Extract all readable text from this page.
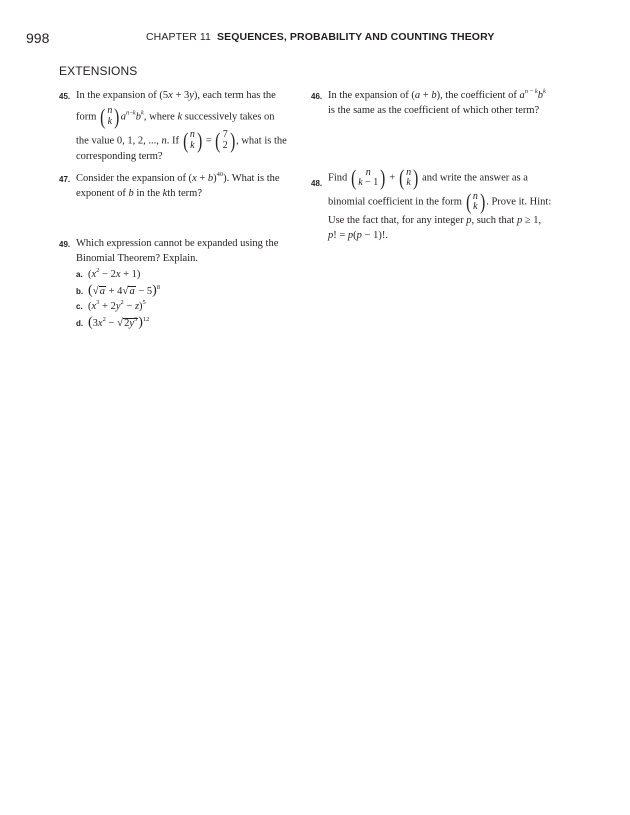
998	CHAPTER 11 SEQUENCES, PROBABILITY AND COUNTING THEORY
EXTENSIONS
45. In the expansion of (5x + 3y), each term has the
form ( n
k ) $a^{n-k}b^k$, where k successively takes on
the value 0, 1, 2, ..., n. If ( n
k ) = ( 7
2 ) , what is the
corresponding term?
46. In the expansion of (a + b), the coefficient of $a^{n - k}b^k$
is the same as the coefficient of which other term?
47. Consider the expansion of $(x + b)^{40}$). What is the
exponent of b in the kth term?
48.
Find ( n
k − 1 ) + ( n
k ) and write the answer as a
binomial coefficient in the form ( n
k ) . Prove it. Hint:
Use the fact that, for any integer p, such that p ≥ 1,
p! = p(p − 1)!.
49. Which expression cannot be expanded using the
Binomial Theorem? Explain.
a. $(x^2 - 2x + 1)$
b. $(√a + 4√a - 5)^8$
c. $(x^3 + 2y^2 - z)^5$
d. $(3x^2 - √2y^3)^{12}$
